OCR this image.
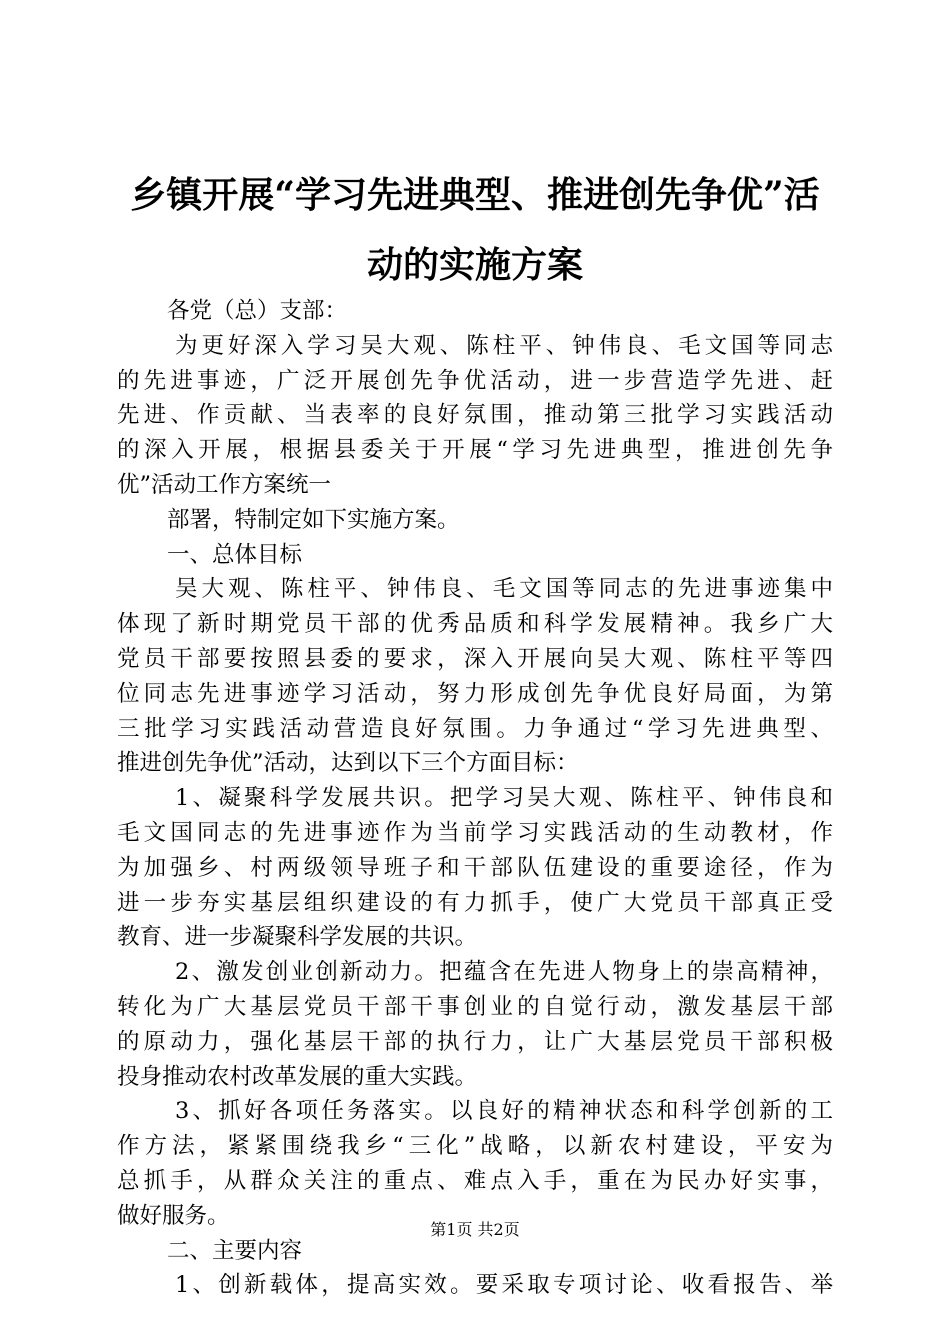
乡镇开展“学习先进典型、推进创先争优”活
动的实施方案
各党（总）支部：
为更好深入学习吴大观、陈柱平、钟伟良、毛文国等同志
的先进事迹，广泛开展创先争优活动，进一步营造学先进、赶
先进、作贡献、当表率的良好氛围，推动第三批学习实践活动
的深入开展，根据县委关于开展“学习先进典型，推进创先争
优”活动工作方案统一
部署，特制定如下实施方案。
一、总体目标
吴大观、陈柱平、钟伟良、毛文国等同志的先进事迹集中
体现了新时期党员干部的优秀品质和科学发展精神。我乡广大
党员干部要按照县委的要求，深入开展向吴大观、陈柱平等四
位同志先进事迹学习活动，努力形成创先争优良好局面，为第
三批学习实践活动营造良好氛围。力争通过“学习先进典型、
推进创先争优”活动，达到以下三个方面目标：
1、凝聚科学发展共识。把学习吴大观、陈柱平、钟伟良和
毛文国同志的先进事迹作为当前学习实践活动的生动教材，作
为加强乡、村两级领导班子和干部队伍建设的重要途径，作为
进一步夯实基层组织建设的有力抓手，使广大党员干部真正受
教育、进一步凝聚科学发展的共识。
2、激发创业创新动力。把蕴含在先进人物身上的崇高精神，
转化为广大基层党员干部干事创业的自觉行动，激发基层干部
的原动力，强化基层干部的执行力，让广大基层党员干部积极
投身推动农村改革发展的重大实践。
3、抓好各项任务落实。以良好的精神状态和科学创新的工
作方法，紧紧围绕我乡“三化”战略，以新农村建设，平安为
总抓手，从群众关注的重点、难点入手，重在为民办好实事，
做好服务。
二、主要内容
1、创新载体，提高实效。要采取专项讨论、收看报告、举
第1页 共2页
